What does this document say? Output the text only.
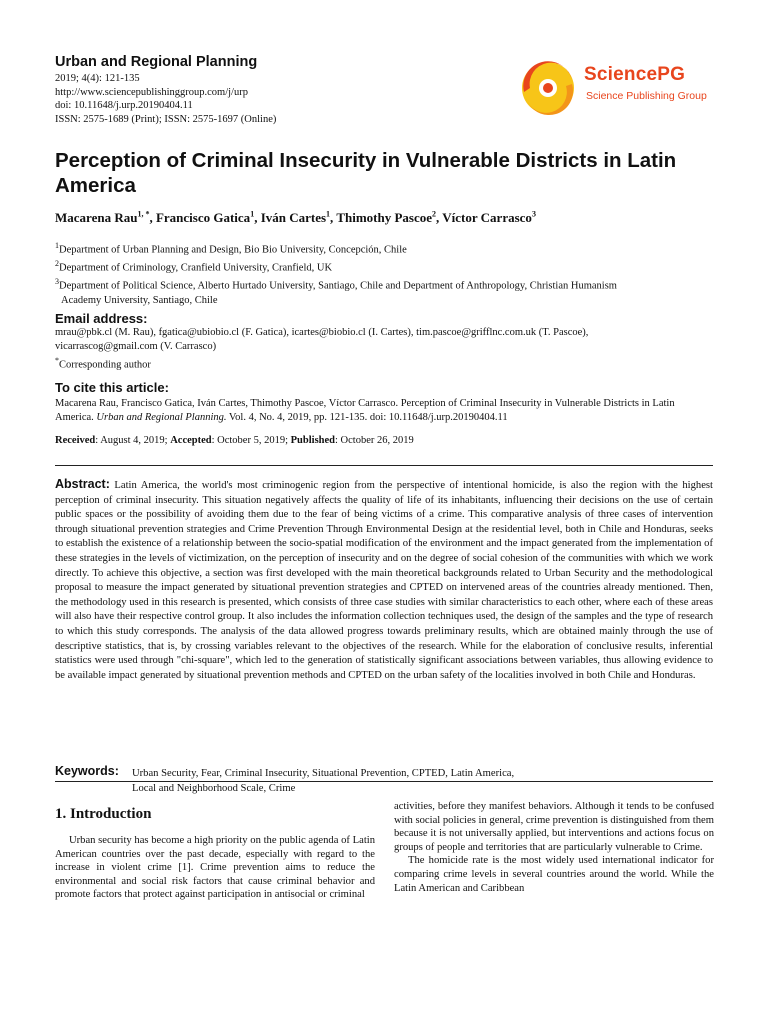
Urban and Regional Planning
2019; 4(4): 121-135
http://www.sciencepublishinggroup.com/j/urp
doi: 10.11648/j.urp.20190404.11
ISSN: 2575-1689 (Print); ISSN: 2575-1697 (Online)
SciencePG
Science Publishing Group
Perception of Criminal Insecurity in Vulnerable Districts in Latin America
Macarena Rau$^{1, *}$, Francisco Gatica$^1$, Iván Cartes$^1$, Thimothy Pascoe$^2$, Víctor Carrasco$^3$
$^1$Department of Urban Planning and Design, Bio Bio University, Concepción, Chile
$^2$Department of Criminology, Cranfield University, Cranfield, UK
$^3$Department of Political Science, Alberto Hurtado University, Santiago, Chile and Department of Anthropology, Christian Humanism
Academy University, Santiago, Chile
Email address:
mrau@pbk.cl (M. Rau), fgatica@ubiobio.cl (F. Gatica), icartes@biobio.cl (I. Cartes), tim.pascoe@grifflnc.com.uk (T. Pascoe),
vicarrascog@gmail.com (V. Carrasco)
*Corresponding author
To cite this article:
Macarena Rau, Francisco Gatica, Iván Cartes, Thimothy Pascoe, Víctor Carrasco. Perception of Criminal Insecurity in Vulnerable Districts in Latin America. Urban and Regional Planning. Vol. 4, No. 4, 2019, pp. 121-135. doi: 10.11648/j.urp.20190404.11
Received: August 4, 2019; Accepted: October 5, 2019; Published: October 26, 2019
Abstract: Latin America, the world's most criminogenic region from the perspective of intentional homicide, is also the region with the highest perception of criminal insecurity. This situation negatively affects the quality of life of its inhabitants, influencing their decisions on the use of certain public spaces or the possibility of avoiding them due to the fear of being victims of a crime. This comparative analysis of three cases of intervention through situational prevention strategies and Crime Prevention Through Environmental Design at the residential level, both in Chile and Honduras, seeks to establish the existence of a relationship between the socio-spatial modification of the environment and the impact generated from the implementation of these strategies in the levels of victimization, on the perception of insecurity and on the degree of social cohesion of the communities with which we work directly. To achieve this objective, a section was first developed with the main theoretical backgrounds related to Urban Security and the methodological proposal to measure the impact generated by situational prevention strategies and CPTED on intervened areas of the countries already mentioned. Then, the methodology used in this research is presented, which consists of three case studies with similar characteristics to each other, where each of these areas will also have their respective control group. It also includes the information collection techniques used, the design of the samples and the type of research to which this study corresponds. The analysis of the data allowed progress towards preliminary results, which are obtained mainly through the use of descriptive statistics, that is, by crossing variables relevant to the objectives of the research. While for the elaboration of conclusive results, inferential statistics were used through "chi-square", which led to the generation of statistically significant associations between variables, thus allowing evidence to be available impact generated by situational prevention methods and CPTED on the urban safety of the localities involved in both Chile and Honduras.
Keywords: Urban Security, Fear, Criminal Insecurity, Situational Prevention, CPTED, Latin America,
Local and Neighborhood Scale, Crime
1. Introduction

Urban security has become a high priority on the public agenda of Latin American countries over the past decade, especially with regard to the increase in violent crime [1]. Crime prevention aims to reduce the environmental and social risk factors that cause criminal behavior and promote factors that protect against participation in antisocial or criminal

activities, before they manifest behaviors. Although it tends to be confused with social policies in general, crime prevention is distinguished from them because it is not universally applied, but interventions and actions focus on groups of people and territories that are particularly vulnerable to Crime.

The homicide rate is the most widely used international indicator for comparing crime levels in several countries around the world. While the Latin American and Caribbean
